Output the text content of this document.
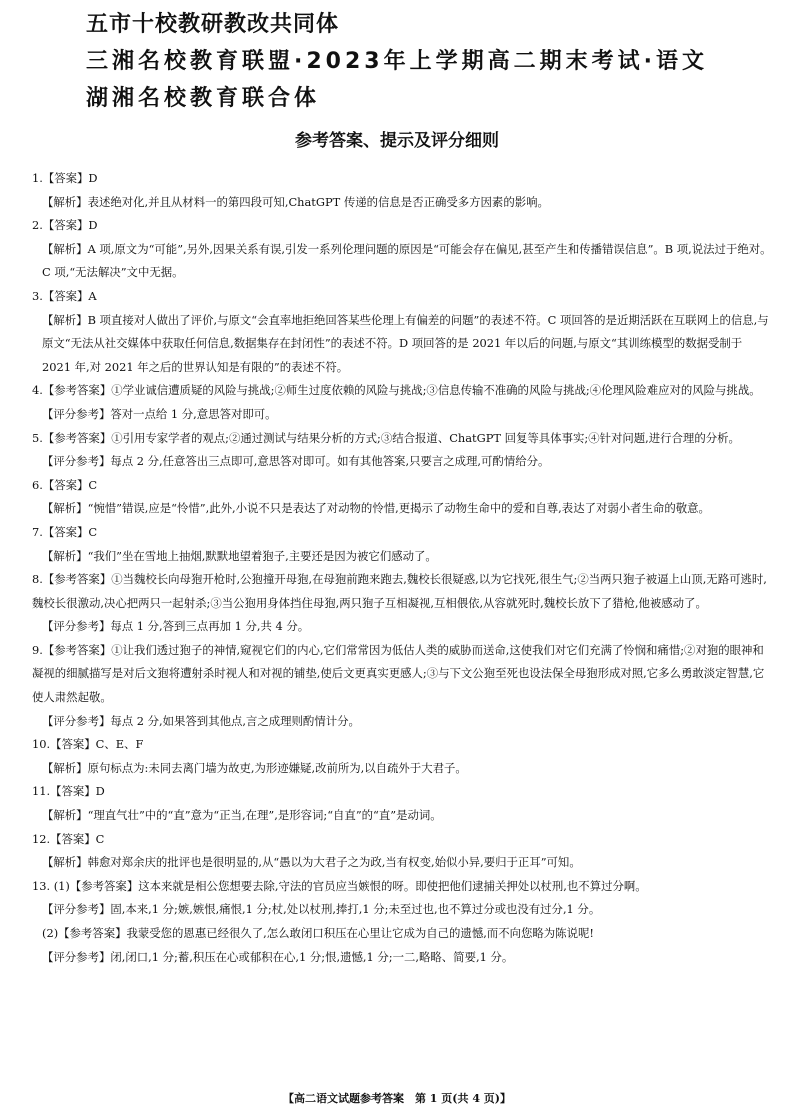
五市十校教研教改共同体
三湘名校教育联盟·2023年上学期高二期末考试·语文
湖湘名校教育联合体
参考答案、提示及评分细则

1.【答案】D

【解析】表述绝对化,并且从材料一的第四段可知,ChatGPT 传递的信息是否正确受多方因素的影响。

2.【答案】D

【解析】A 项,原文为“可能”,另外,因果关系有误,引发一系列伦理问题的原因是“可能会存在偏见,甚至产生和传播错误信息”。B 项,说法过于绝对。C 项,“无法解决”文中无据。

3.【答案】A

【解析】B 项直接对人做出了评价,与原文“会直率地拒绝回答某些伦理上有偏差的问题”的表述不符。C 项回答的是近期活跃在互联网上的信息,与原文“无法从社交媒体中获取任何信息,数据集存在封闭性”的表述不符。D 项回答的是 2021 年以后的问题,与原文“其训练模型的数据受制于 2021 年,对 2021 年之后的世界认知是有限的”的表述不符。

4.【参考答案】①学业诚信遭质疑的风险与挑战;②师生过度依赖的风险与挑战;③信息传输不准确的风险与挑战;④伦理风险难应对的风险与挑战。

【评分参考】答对一点给 1 分,意思答对即可。

5.【参考答案】①引用专家学者的观点;②通过测试与结果分析的方式;③结合报道、ChatGPT 回复等具体事实;④针对问题,进行合理的分析。

【评分参考】每点 2 分,任意答出三点即可,意思答对即可。如有其他答案,只要言之成理,可酌情给分。

6.【答案】C

【解析】“惋惜”错误,应是“怜惜”,此外,小说不只是表达了对动物的怜惜,更揭示了动物生命中的爱和自尊,表达了对弱小者生命的敬意。

7.【答案】C

【解析】“我们”坐在雪地上抽烟,默默地望着狍子,主要还是因为被它们感动了。

8.【参考答案】①当魏校长向母狍开枪时,公狍撞开母狍,在母狍前跑来跑去,魏校长很疑惑,以为它找死,很生气;②当两只狍子被逼上山顶,无路可逃时,魏校长很激动,决心把两只一起射杀;③当公狍用身体挡住母狍,两只狍子互相凝视,互相偎依,从容就死时,魏校长放下了猎枪,他被感动了。

【评分参考】每点 1 分,答到三点再加 1 分,共 4 分。

9.【参考答案】①让我们透过狍子的神情,窥视它们的内心,它们常常因为低估人类的威胁而送命,这使我们对它们充满了怜悯和痛惜;②对狍的眼神和凝视的细腻描写是对后文狍将遭射杀时视人和对视的铺垫,使后文更真实更感人;③与下文公狍至死也设法保全母狍形成对照,它多么勇敢淡定智慧,它使人肃然起敬。

【评分参考】每点 2 分,如果答到其他点,言之成理则酌情计分。

10.【答案】C、E、F

【解析】原句标点为:未同去离门墙为故吏,为形迹嫌疑,改前所为,以自疏外于大君子。

11.【答案】D

【解析】“理直气壮”中的“直”意为“正当,在理”,是形容词;“自直”的“直”是动词。

12.【答案】C

【解析】韩愈对郑余庆的批评也是很明显的,从“愚以为大君子之为政,当有权变,始似小异,要归于正耳”可知。

13. (1)【参考答案】这本来就是相公您想要去除,守法的官员应当嫉恨的呀。即使把他们逮捕关押处以杖刑,也不算过分啊。

【评分参考】固,本来,1 分;嫉,嫉恨,痛恨,1 分;杖,处以杖刑,捧打,1 分;未至过也,也不算过分或也没有过分,1 分。

(2)【参考答案】我蒙受您的恩惠已经很久了,怎么敢闭口积压在心里让它成为自己的遗憾,而不向您略为陈说呢!

【评分参考】闭,闭口,1 分;蓄,积压在心或郁积在心,1 分;恨,遗憾,1 分;一二,略略、简要,1 分。

【高二语文试题参考答案　第 1 页(共 4 页)】
